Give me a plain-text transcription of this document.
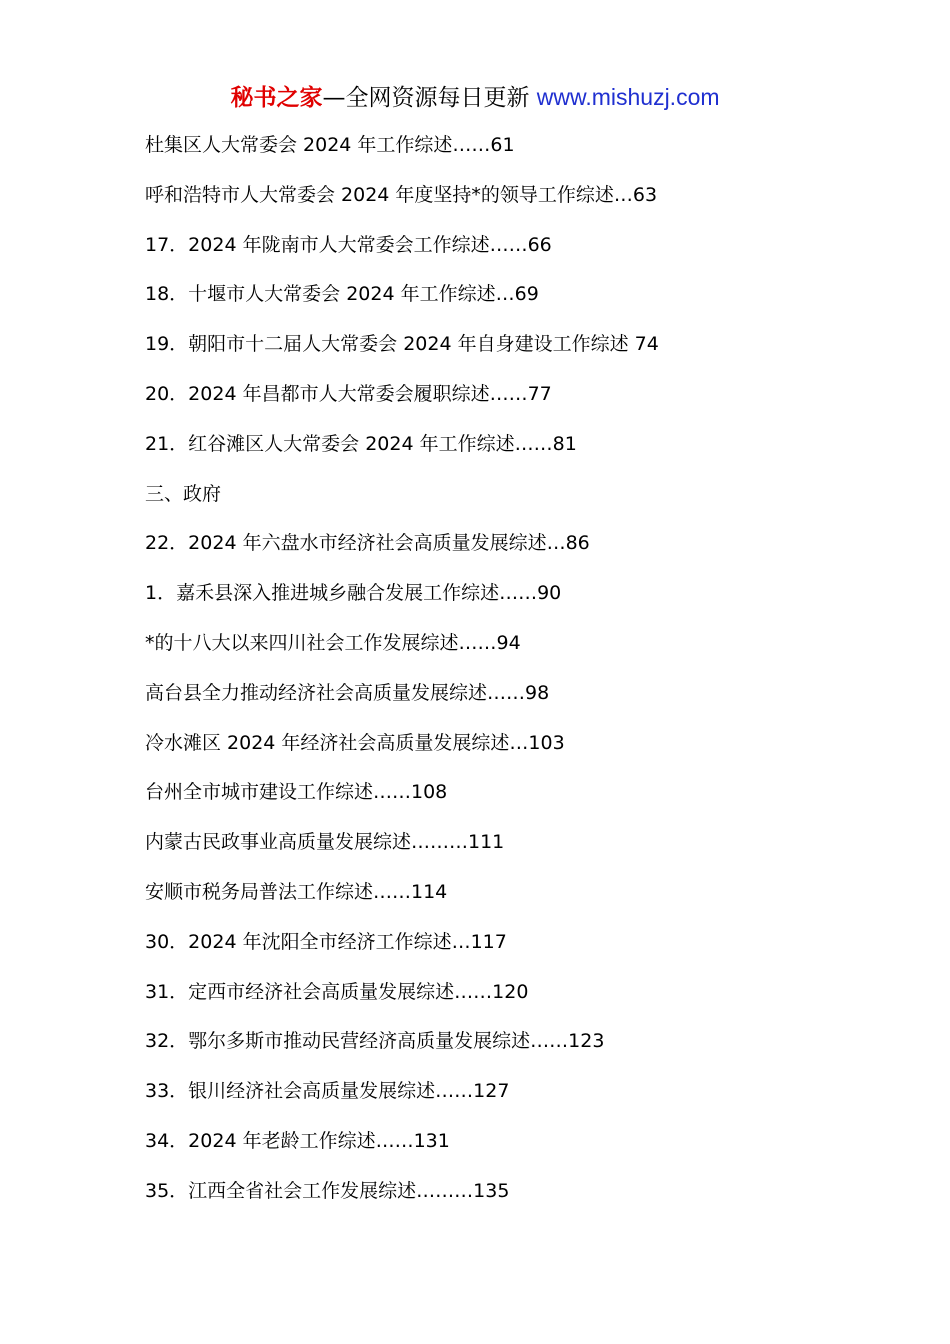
秘书之家—全网资源每日更新 www.mishuzj.com
杜集区人大常委会 2024 年工作综述……61
呼和浩特市人大常委会 2024 年度坚持*的领导工作综述…63
17．2024 年陇南市人大常委会工作综述……66
18．十堰市人大常委会 2024 年工作综述…69
19．朝阳市十二届人大常委会 2024 年自身建设工作综述 74
20．2024 年昌都市人大常委会履职综述……77
21．红谷滩区人大常委会 2024 年工作综述……81
三、政府
22．2024 年六盘水市经济社会高质量发展综述…86
1．嘉禾县深入推进城乡融合发展工作综述……90
*的十八大以来四川社会工作发展综述……94
高台县全力推动经济社会高质量发展综述……98
冷水滩区 2024 年经济社会高质量发展综述…103
台州全市城市建设工作综述……108
内蒙古民政事业高质量发展综述………111
安顺市税务局普法工作综述……114
30．2024 年沈阳全市经济工作综述…117
31．定西市经济社会高质量发展综述……120
32．鄂尔多斯市推动民营经济高质量发展综述……123
33．银川经济社会高质量发展综述……127
34．2024 年老龄工作综述……131
35．江西全省社会工作发展综述………135
